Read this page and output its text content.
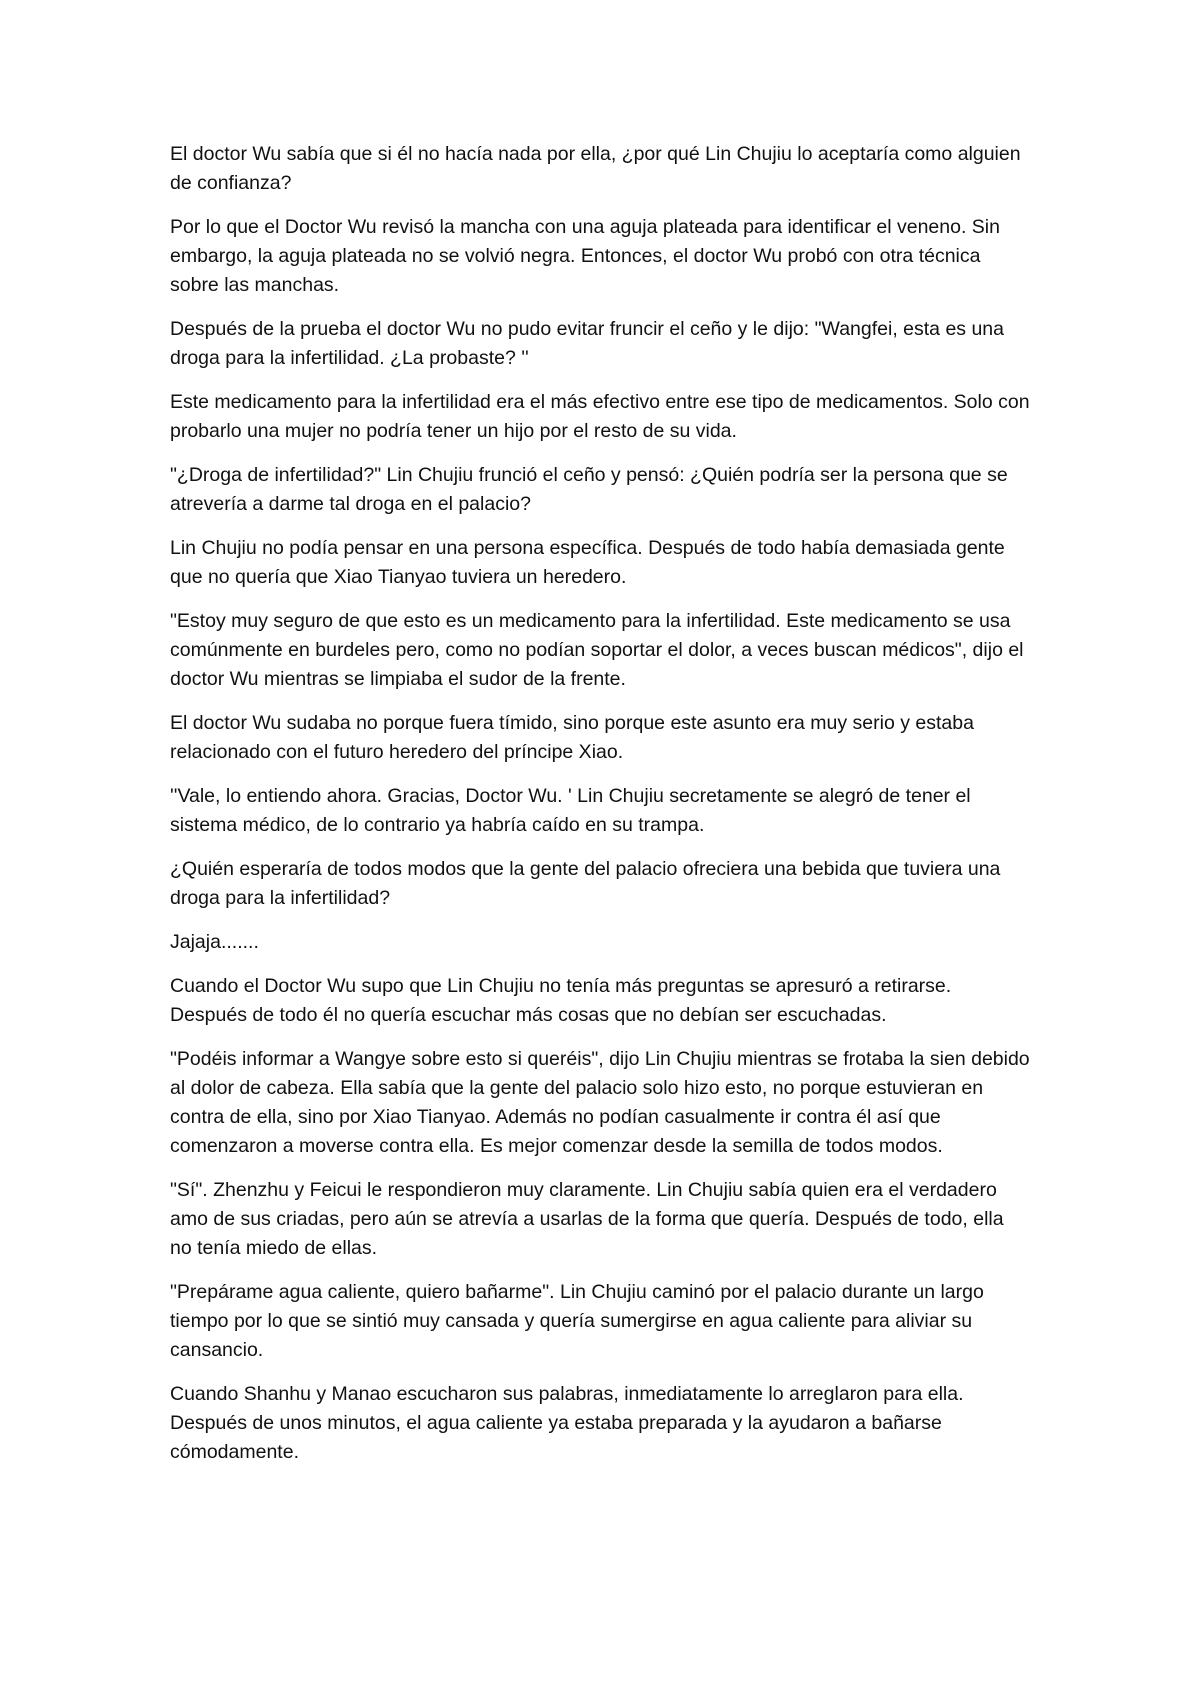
El doctor Wu sabía que si él no hacía nada por ella, ¿por qué Lin Chujiu lo aceptaría como alguien de confianza?

Por lo que el Doctor Wu revisó la mancha con una aguja plateada para identificar el veneno. Sin embargo, la aguja plateada no se volvió negra. Entonces, el doctor Wu probó con otra técnica sobre las manchas.

Después de la prueba el doctor Wu no pudo evitar fruncir el ceño y le dijo: "Wangfei, esta es una droga para la infertilidad. ¿La probaste? ''

Este medicamento para la infertilidad era el más efectivo entre ese tipo de medicamentos. Solo con probarlo una mujer no podría tener un hijo por el resto de su vida.

"¿Droga de infertilidad?" Lin Chujiu frunció el ceño y pensó: ¿Quién podría ser la persona que se atrevería a darme tal droga en el palacio?

Lin Chujiu no podía pensar en una persona específica. Después de todo había demasiada gente que no quería que Xiao Tianyao tuviera un heredero.

"Estoy muy seguro de que esto es un medicamento para la infertilidad. Este medicamento se usa comúnmente en burdeles pero, como no podían soportar el dolor, a veces buscan médicos", dijo el doctor Wu mientras se limpiaba el sudor de la frente.

El doctor Wu sudaba no porque fuera tímido, sino porque este asunto era muy serio y estaba relacionado con el futuro heredero del príncipe Xiao.

''Vale, lo entiendo ahora. Gracias, Doctor Wu. ' Lin Chujiu secretamente se alegró de tener el sistema médico, de lo contrario ya habría caído en su trampa.

¿Quién esperaría de todos modos que la gente del palacio ofreciera una bebida que tuviera una droga para la infertilidad?

Jajaja.......

Cuando el Doctor Wu supo que Lin Chujiu no tenía más preguntas se apresuró a retirarse. Después de todo él no quería escuchar más cosas que no debían ser escuchadas.

"Podéis informar a Wangye sobre esto si queréis", dijo Lin Chujiu mientras se frotaba la sien debido al dolor de cabeza. Ella sabía que la gente del palacio solo hizo esto, no porque estuvieran en contra de ella, sino por Xiao Tianyao. Además no podían casualmente ir contra él así que comenzaron a moverse contra ella. Es mejor comenzar desde la semilla de todos modos.

"Sí". Zhenzhu y Feicui le respondieron muy claramente. Lin Chujiu sabía quien era el verdadero amo de sus criadas, pero aún se atrevía a usarlas de la forma que quería. Después de todo, ella no tenía miedo de ellas.

"Prepárame agua caliente, quiero bañarme". Lin Chujiu caminó por el palacio durante un largo tiempo por lo que se sintió muy cansada y quería sumergirse en agua caliente para aliviar su cansancio.

Cuando Shanhu y Manao escucharon sus palabras, inmediatamente lo arreglaron para ella. Después de unos minutos, el agua caliente ya estaba preparada y la ayudaron a bañarse cómodamente.
